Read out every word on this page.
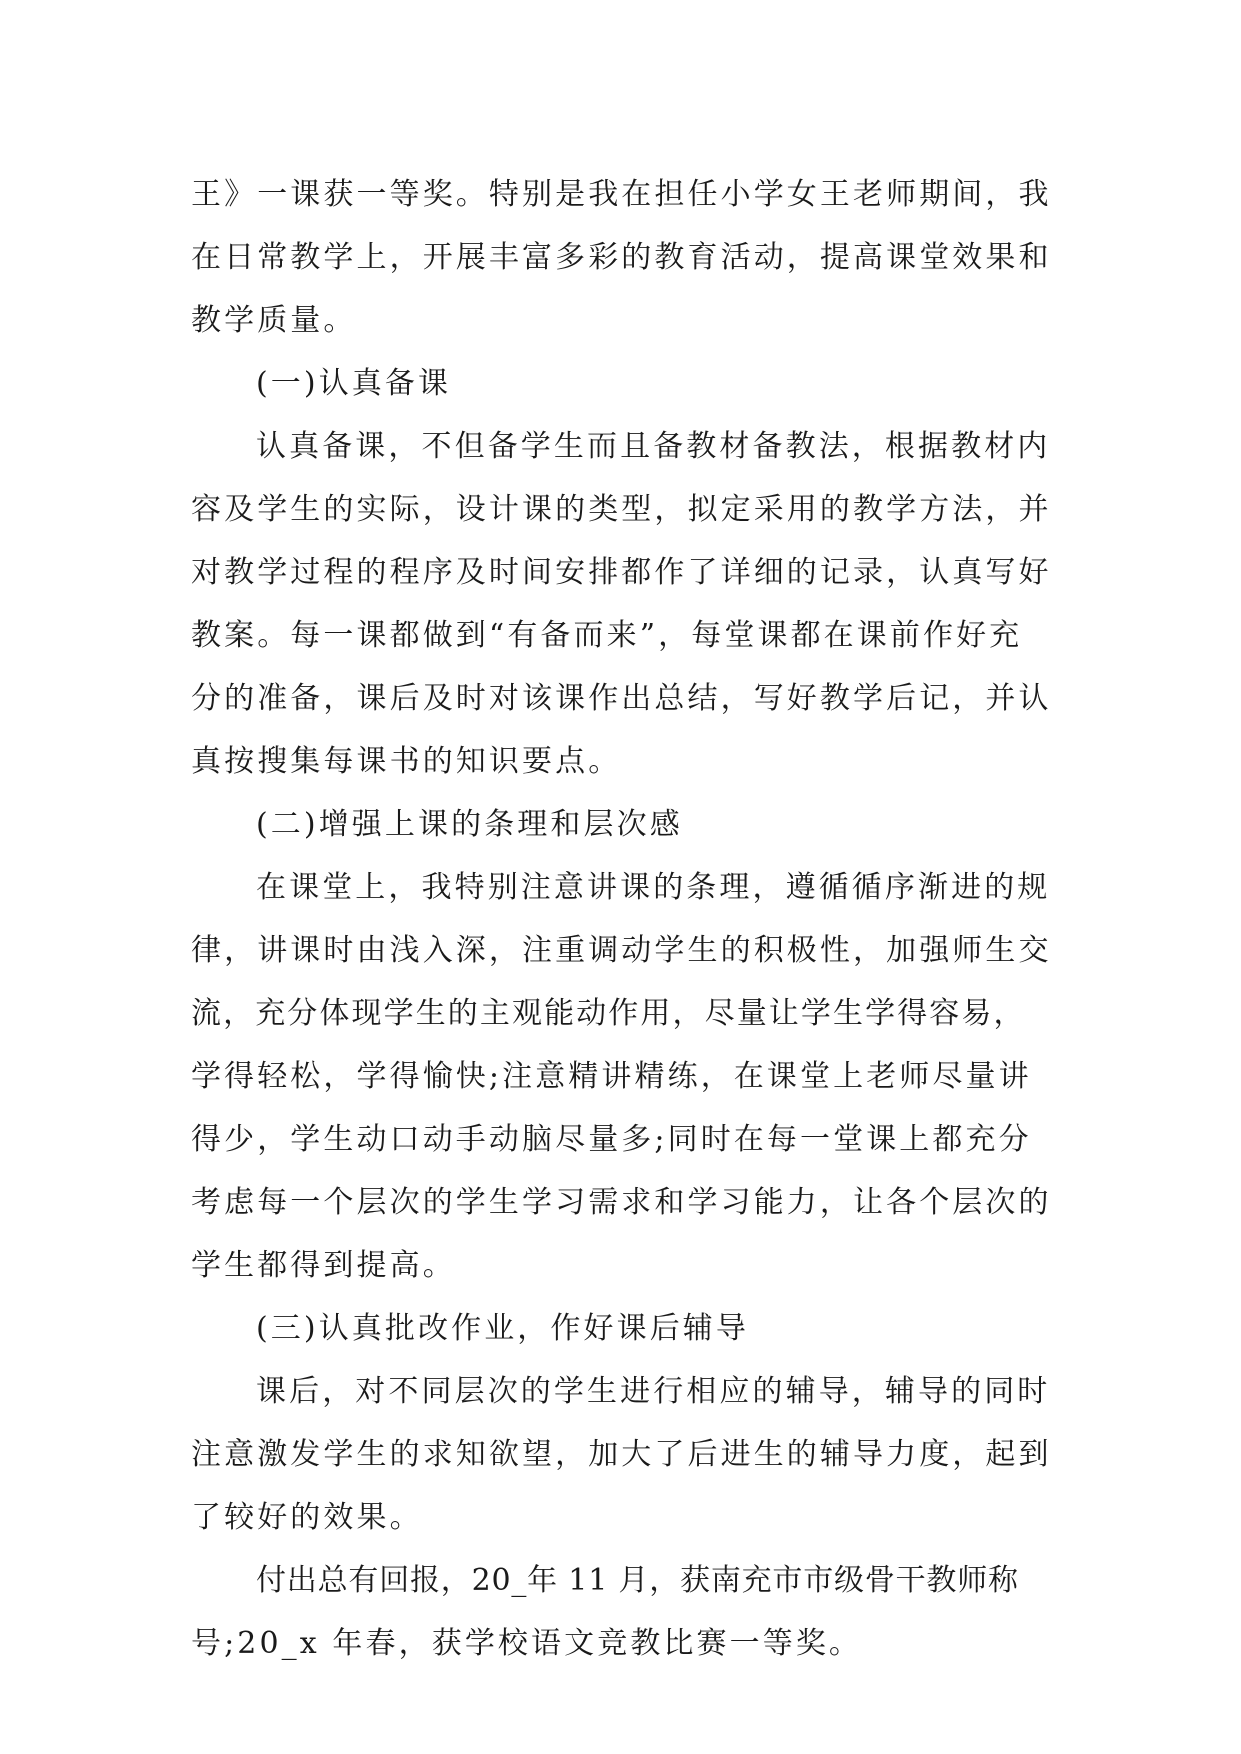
王》一课获一等奖。特别是我在担任小学女王老师期间，我

在日常教学上，开展丰富多彩的教育活动，提高课堂效果和

教学质量。

(一)认真备课

认真备课，不但备学生而且备教材备教法，根据教材内

容及学生的实际，设计课的类型，拟定采用的教学方法，并

对教学过程的程序及时间安排都作了详细的记录，认真写好

教案。每一课都做到“有备而来”，每堂课都在课前作好充

分的准备，课后及时对该课作出总结，写好教学后记，并认

真按搜集每课书的知识要点。

(二)增强上课的条理和层次感

在课堂上，我特别注意讲课的条理，遵循循序渐进的规

律，讲课时由浅入深，注重调动学生的积极性，加强师生交

流，充分体现学生的主观能动作用，尽量让学生学得容易，

学得轻松，学得愉快;注意精讲精练，在课堂上老师尽量讲

得少，学生动口动手动脑尽量多;同时在每一堂课上都充分

考虑每一个层次的学生学习需求和学习能力，让各个层次的

学生都得到提高。

(三)认真批改作业，作好课后辅导

课后，对不同层次的学生进行相应的辅导，辅导的同时

注意激发学生的求知欲望，加大了后进生的辅导力度，起到

了较好的效果。

付出总有回报，20_年 11 月，获南充市市级骨干教师称

号;20_x 年春，获学校语文竞教比赛一等奖。
